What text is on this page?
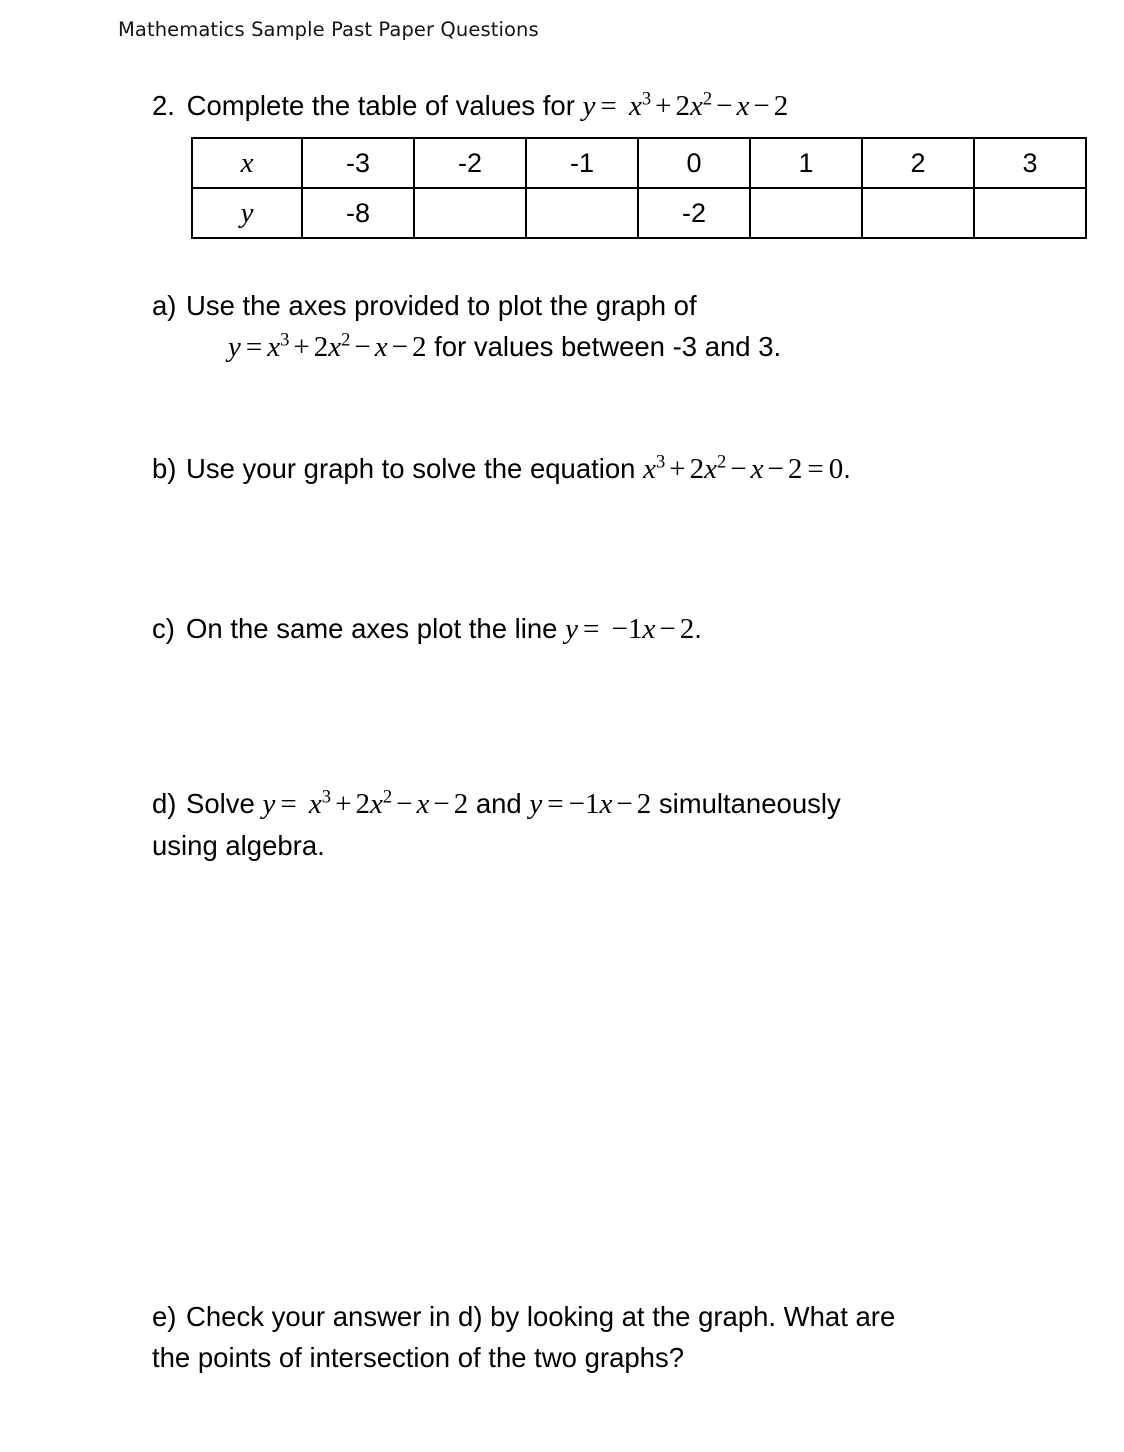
Mathematics Sample Past Paper Questions
2. Complete the table of values for $y = x^3 + 2x^2 - x - 2$
x	-3	-2	-1	0	1	2	3
y	-8			-2			
a) Use the axes provided to plot the graph of
$y = x^3 + 2x^2 - x - 2$ for values between -3 and 3.
b) Use your graph to solve the equation $x^3 + 2x^2 - x - 2 = 0$.
c) On the same axes plot the line y = −1x − 2.
d) Solve $y = x^3 + 2x^2 - x - 2$ and y = −1x − 2 simultaneously
using algebra.
e) Check your answer in d) by looking at the graph. What are
the points of intersection of the two graphs?
